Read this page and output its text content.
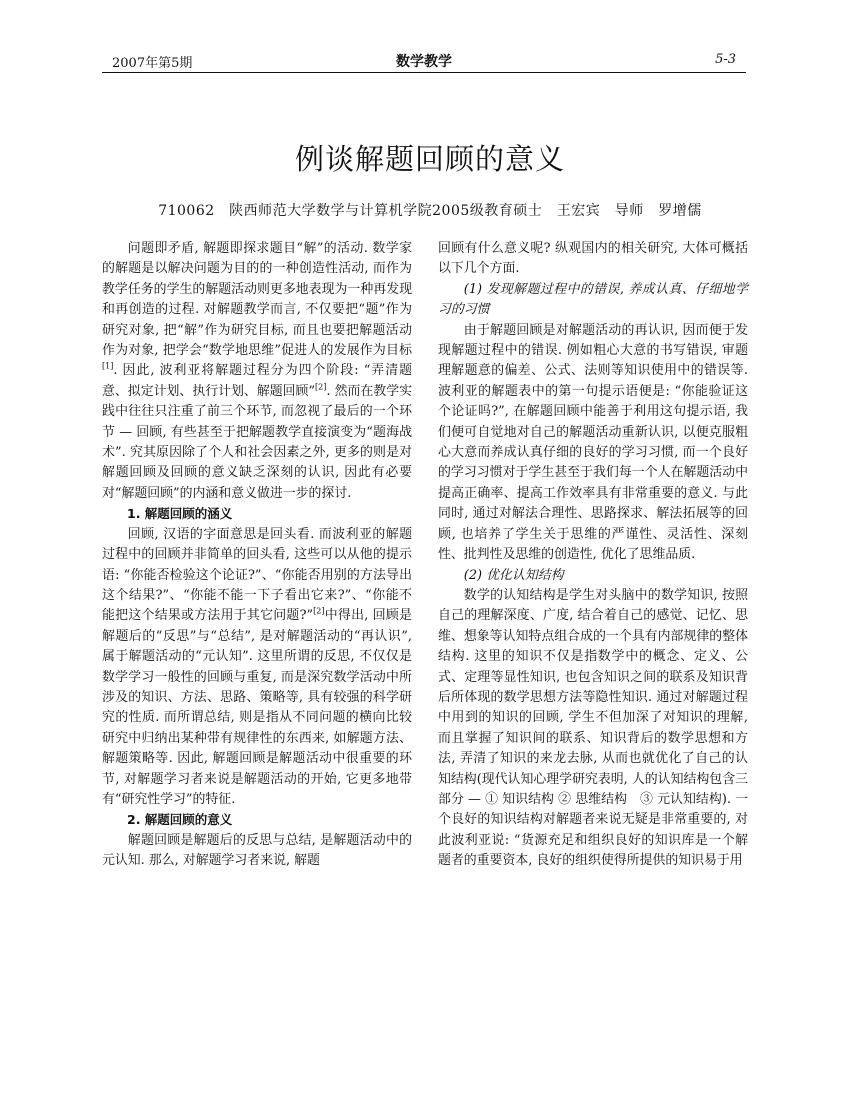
2007年第5期	数学教学	5-3
例谈解题回顾的意义
710062　陕西师范大学数学与计算机学院2005级教育硕士　王宏宾　导师　罗增儒

问题即矛盾, 解题即探求题目“解”的活动. 数学家的解题是以解决问题为目的的一种创造性活动, 而作为教学任务的学生的解题活动则更多地表现为一种再发现和再创造的过程. 对解题教学而言, 不仅要把“题”作为研究对象, 把“解”作为研究目标, 而且也要把解题活动作为对象, 把学会“数学地思维”促进人的发展作为目标[1]. 因此, 波利亚将解题过程分为四个阶段: “弄清题意、拟定计划、执行计划、解题回顾”[2]. 然而在教学实践中往往只注重了前三个环节, 而忽视了最后的一个环节 — 回顾, 有些甚至于把解题教学直接演变为“题海战术”. 究其原因除了个人和社会因素之外, 更多的则是对解题回顾及回顾的意义缺乏深刻的认识, 因此有必要对“解题回顾”的内涵和意义做进一步的探讨.

1. 解题回顾的涵义

回顾, 汉语的字面意思是回头看. 而波利亚的解题过程中的回顾并非简单的回头看, 这些可以从他的提示语: “你能否检验这个论证?”、“你能否用别的方法导出这个结果?”、“你能不能一下子看出它来?”、“你能不能把这个结果或方法用于其它问题?”[2]中得出, 回顾是解题后的“反思”与“总结”, 是对解题活动的“再认识”, 属于解题活动的“元认知”. 这里所谓的反思, 不仅仅是数学学习一般性的回顾与重复, 而是深究数学活动中所涉及的知识、方法、思路、策略等, 具有较强的科学研究的性质. 而所谓总结, 则是指从不同问题的横向比较研究中归纳出某种带有规律性的东西来, 如解题方法、解题策略等. 因此, 解题回顾是解题活动中很重要的环节, 对解题学习者来说是解题活动的开始, 它更多地带有“研究性学习”的特征.

2. 解题回顾的意义

解题回顾是解题后的反思与总结, 是解题活动中的元认知. 那么, 对解题学习者来说, 解题

回顾有什么意义呢? 纵观国内的相关研究, 大体可概括以下几个方面.

(1) 发现解题过程中的错误, 养成认真、仔细地学习的习惯

由于解题回顾是对解题活动的再认识, 因而便于发现解题过程中的错误. 例如粗心大意的书写错误, 审题理解题意的偏差、公式、法则等知识使用中的错误等. 波利亚的解题表中的第一句提示语便是: “你能验证这个论证吗?”, 在解题回顾中能善于利用这句提示语, 我们便可自觉地对自己的解题活动重新认识, 以便克服粗心大意而养成认真仔细的良好的学习习惯, 而一个良好的学习习惯对于学生甚至于我们每一个人在解题活动中提高正确率、提高工作效率具有非常重要的意义. 与此同时, 通过对解法合理性、思路探求、解法拓展等的回顾, 也培养了学生关于思维的严谨性、灵活性、深刻性、批判性及思维的创造性, 优化了思维品质.

(2) 优化认知结构

数学的认知结构是学生对头脑中的数学知识, 按照自己的理解深度、广度, 结合着自己的感觉、记忆、思维、想象等认知特点组合成的一个具有内部规律的整体结构. 这里的知识不仅是指数学中的概念、定义、公式、定理等显性知识, 也包含知识之间的联系及知识背后所体现的数学思想方法等隐性知识. 通过对解题过程中用到的知识的回顾, 学生不但加深了对知识的理解, 而且掌握了知识间的联系、知识背后的数学思想和方法, 弄清了知识的来龙去脉, 从而也就优化了自己的认知结构(现代认知心理学研究表明, 人的认知结构包含三部分 — ① 知识结构 ② 思维结构　③ 元认知结构). 一个良好的知识结构对解题者来说无疑是非常重要的, 对此波利亚说: “货源充足和组织良好的知识库是一个解题者的重要资本, 良好的组织使得所提供的知识易于用
